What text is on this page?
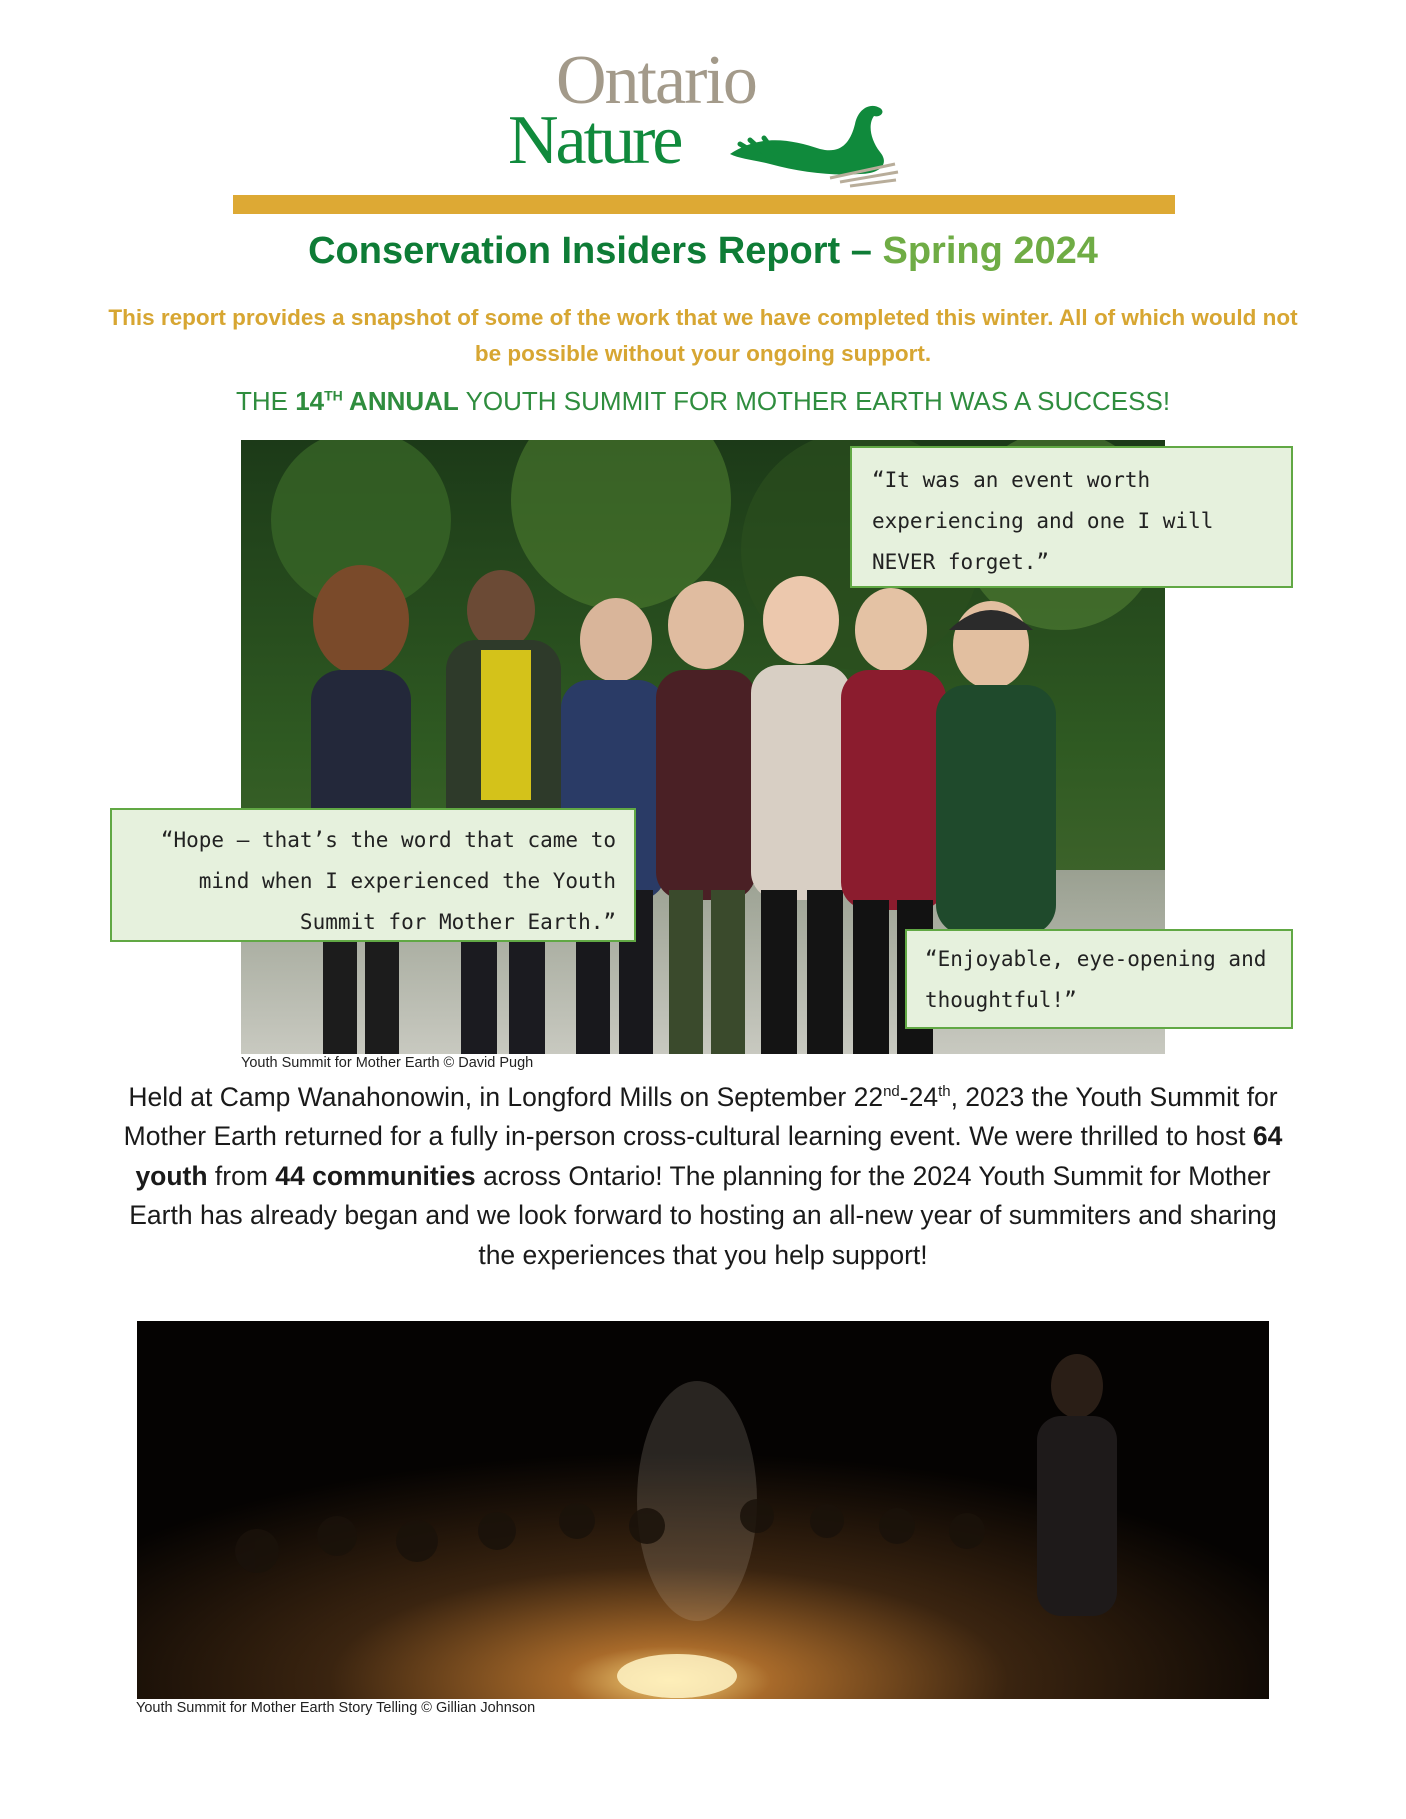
Ontario
Nature
Conservation Insiders Report – Spring 2024
This report provides a snapshot of some of the work that we have completed this winter. All of which would not be possible without your ongoing support.
THE 14TH ANNUAL YOUTH SUMMIT FOR MOTHER EARTH WAS A SUCCESS!
Youth Summit for Mother Earth © David Pugh
“It was an event worth experiencing and one I will NEVER forget.”
“Hope – that’s the word that came to mind when I experienced the Youth Summit for Mother Earth.”
“Enjoyable, eye-opening and thoughtful!”
Held at Camp Wanahonowin, in Longford Mills on September 22nd-24th, 2023 the Youth Summit for Mother Earth returned for a fully in-person cross-cultural learning event. We were thrilled to host 64 youth from 44 communities across Ontario! The planning for the 2024 Youth Summit for Mother Earth has already began and we look forward to hosting an all-new year of summiters and sharing the experiences that you help support!
Youth Summit for Mother Earth Story Telling © Gillian Johnson
